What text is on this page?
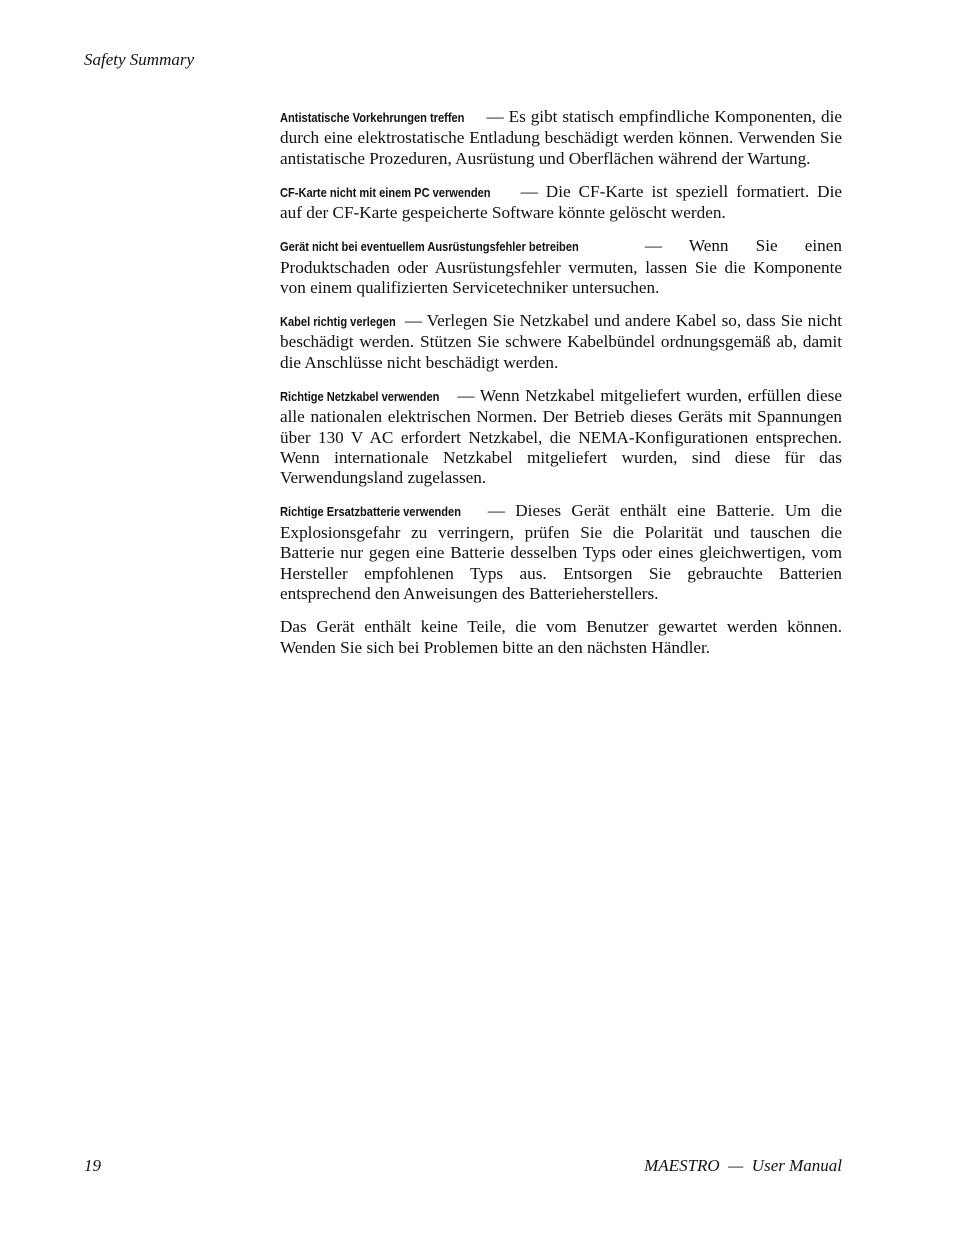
Safety Summary

Antistatische Vorkehrungen treffen — Es gibt statisch empfindliche Komponenten, die durch eine elektrostatische Entladung beschädigt werden können. Verwenden Sie antistatische Prozeduren, Ausrüstung und Oberflächen während der Wartung.

CF-Karte nicht mit einem PC verwenden — Die CF-Karte ist speziell formatiert. Die auf der CF-Karte gespeicherte Software könnte gelöscht werden.

Gerät nicht bei eventuellem Ausrüstungsfehler betreiben — Wenn Sie einen Produktschaden oder Ausrüstungsfehler vermuten, lassen Sie die Komponente von einem qualifizierten Servicetechniker untersuchen.

Kabel richtig verlegen — Verlegen Sie Netzkabel und andere Kabel so, dass Sie nicht beschädigt werden. Stützen Sie schwere Kabelbündel ordnungsgemäß ab, damit die Anschlüsse nicht beschädigt werden.

Richtige Netzkabel verwenden — Wenn Netzkabel mitgeliefert wurden, erfüllen diese alle nationalen elektrischen Normen. Der Betrieb dieses Geräts mit Spannungen über 130 V AC erfordert Netzkabel, die NEMA-Konfigurationen entsprechen. Wenn internationale Netzkabel mitgeliefert wurden, sind diese für das Verwendungsland zugelassen.

Richtige Ersatzbatterie verwenden — Dieses Gerät enthält eine Batterie. Um die Explosionsgefahr zu verringern, prüfen Sie die Polarität und tauschen die Batterie nur gegen eine Batterie desselben Typs oder eines gleichwertigen, vom Hersteller empfohlenen Typs aus. Entsorgen Sie gebrauchte Batterien entsprechend den Anweisungen des Batterieherstellers.

Das Gerät enthält keine Teile, die vom Benutzer gewartet werden können. Wenden Sie sich bei Problemen bitte an den nächsten Händler.

19	MAESTRO  —  User Manual
